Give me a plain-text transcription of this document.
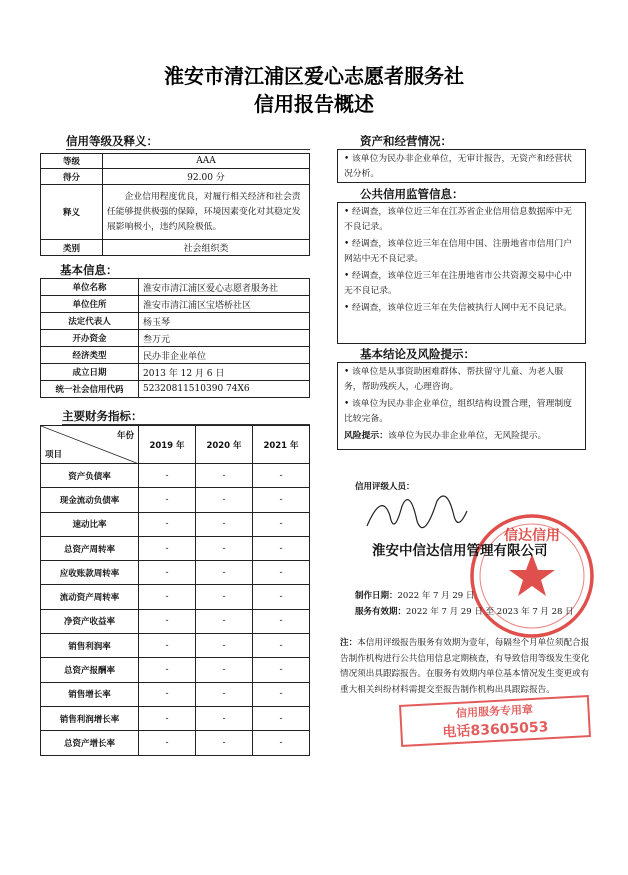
淮安市清江浦区爱心志愿者服务社
信用报告概述
信用等级及释义：
等级	AAA
得分	92.00 分
释义	企业信用程度优良，对履行相关经济和社会责任能够提供极强的保障，环境因素变化对其稳定发展影响极小，违约风险极低。
类别	社会组织类
基本信息：
单位名称	淮安市清江浦区爱心志愿者服务社
单位住所	淮安市清江浦区宝塔桥社区
法定代表人	杨玉琴
开办资金	叁万元
经济类型	民办非企业单位
成立日期	2013 年 12 月 6 日
统一社会信用代码	52320811510390 74X6
主要财务指标：
年份
项目	2019 年	2020 年	2021 年
资产负债率	-	-	-
现金流动负债率	-	-	-
速动比率	-	-	-
总资产周转率	-	-	-
应收账款周转率	-	-	-
流动资产周转率	-	-	-
净资产收益率	-	-	-
销售利润率	-	-	-
总资产报酬率	-	-	-
销售增长率	-	-	-
销售利润增长率	-	-	-
总资产增长率	-	-	-
资产和经营情况：

• 该单位为民办非企业单位，无审计报告，无资产和经营状况分析。

公共信用监管信息：

• 经调查，该单位近三年在江苏省企业信用信息数据库中无不良记录。

• 经调查，该单位近三年在信用中国、注册地省市信用门户网站中无不良记录。

• 经调查，该单位近三年在注册地省市公共资源交易中心中无不良记录。

• 经调查，该单位近三年在失信被执行人网中无不良记录。

基本结论及风险提示：

• 该单位是从事资助困难群体、帮扶留守儿童、为老人服务，帮助残疾人，心理咨询。

• 该单位为民办非企业单位，组织结构设置合理，管理制度比较完备。

风险提示：该单位为民办非企业单位，无风险提示。

信用评级人员：
信达信用
淮安中信达信用管理有限公司
制作日期：2022 年 7 月 29 日
服务有效期：2022 年 7 月 29 日 至 2023 年 7 月 28 日
信用服务专用章
电话83605053
注：本信用评级报告服务有效期为壹年，每隔叁个月单位须配合报告制作机构进行公共信用信息定期核查，有导致信用等级发生变化情况须出具跟踪报告。在服务有效期内单位基本情况发生变更或有重大相关纠纷材料需提交至报告制作机构出具跟踪报告。
